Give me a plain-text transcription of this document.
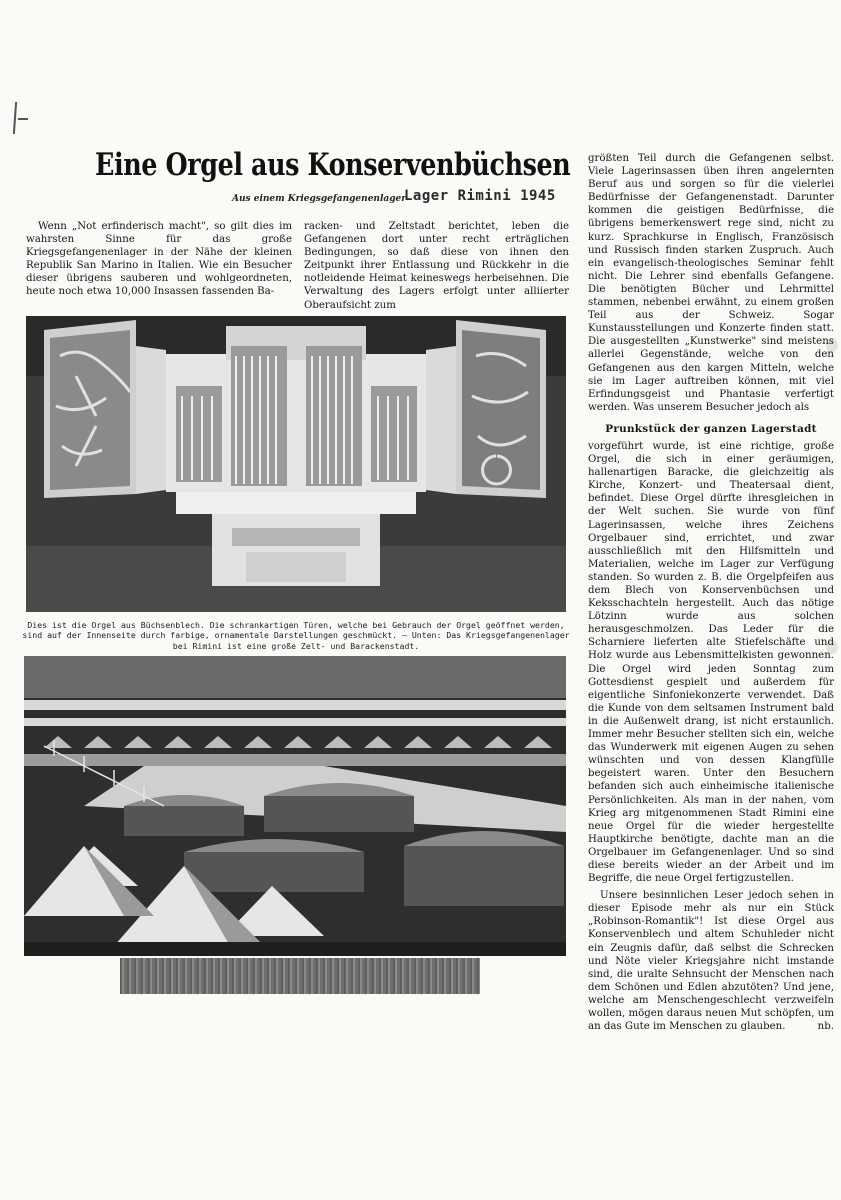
Eine Orgel aus Konservenbüchsen
Aus einem Kriegsgefangenenlager
Lager Rimini 1945

Wenn „Not erfinderisch macht", so gilt dies im wahrsten Sinne für das große Kriegsgefangenenlager in der Nähe der kleinen Republik San Marino in Italien. Wie ein Besucher dieser übrigens sauberen und wohlgeordneten, heute noch etwa 10,000 Insassen fassenden Ba-

racken- und Zeltstadt berichtet, leben die Gefangenen dort unter recht erträglichen Bedingungen, so daß diese von ihnen den Zeitpunkt ihrer Entlassung und Rückkehr in die notleidende Heimat keineswegs herbeisehnen. Die Verwaltung des Lagers erfolgt unter alliierter Oberaufsicht zum

Dies ist die Orgel aus Büchsenblech. Die schrankartigen Türen, welche bei Gebrauch der Orgel geöffnet werden, sind auf der Innenseite durch farbige, ornamentale Darstellungen geschmückt. — Unten: Das Kriegsgefangenenlager bei Rimini ist eine große Zelt- und Barackenstadt.

größten Teil durch die Gefangenen selbst. Viele Lagerinsassen üben ihren angelernten Beruf aus und sorgen so für die vielerlei Bedürfnisse der Gefangenenstadt. Darunter kommen die geistigen Bedürfnisse, die übrigens bemerkenswert rege sind, nicht zu kurz. Sprachkurse in Englisch, Französisch und Russisch finden starken Zuspruch. Auch ein evangelisch-theologisches Seminar fehlt nicht. Die Lehrer sind ebenfalls Gefangene. Die benötigten Bücher und Lehrmittel stammen, nebenbei erwähnt, zu einem großen Teil aus der Schweiz. Sogar Kunstausstellungen und Konzerte finden statt. Die ausgestellten „Kunstwerke" sind meistens allerlei Gegenstände, welche von den Gefangenen aus den kargen Mitteln, welche sie im Lager auftreiben können, mit viel Erfindungsgeist und Phantasie verfertigt werden. Was unserem Besucher jedoch als

Prunkstück der ganzen Lagerstadt

vorgeführt wurde, ist eine richtige, große Orgel, die sich in einer geräumigen, hallenartigen Baracke, die gleichzeitig als Kirche, Konzert- und Theatersaal dient, befindet. Diese Orgel dürfte ihresgleichen in der Welt suchen. Sie wurde von fünf Lagerinsassen, welche ihres Zeichens Orgelbauer sind, errichtet, und zwar ausschließlich mit den Hilfsmitteln und Materialien, welche im Lager zur Verfügung standen. So wurden z. B. die Orgelpfeifen aus dem Blech von Konservenbüchsen und Keksschachteln hergestellt. Auch das nötige Lötzinn wurde aus solchen herausgeschmolzen. Das Leder für die Scharniere lieferten alte Stiefelschäfte und Holz wurde aus Lebensmittelkisten gewonnen. Die Orgel wird jeden Sonntag zum Gottesdienst gespielt und außerdem für eigentliche Sinfoniekonzerte verwendet. Daß die Kunde von dem seltsamen Instrument bald in die Außenwelt drang, ist nicht erstaunlich. Immer mehr Besucher stellten sich ein, welche das Wunderwerk mit eigenen Augen zu sehen wünschten und von dessen Klangfülle begeistert waren. Unter den Besuchern befanden sich auch einheimische italienische Persönlichkeiten. Als man in der nahen, vom Krieg arg mitgenommenen Stadt Rimini eine neue Orgel für die wieder hergestellte Hauptkirche benötigte, dachte man an die Orgelbauer im Gefangenenlager. Und so sind diese bereits wieder an der Arbeit und im Begriffe, die neue Orgel fertigzustellen.

Unsere besinnlichen Leser jedoch sehen in dieser Episode mehr als nur ein Stück „Robinson-Romantik"! Ist diese Orgel aus Konservenblech und altem Schuhleder nicht ein Zeugnis dafür, daß selbst die Schrecken und Nöte vieler Kriegsjahre nicht imstande sind, die uralte Sehnsucht der Menschen nach dem Schönen und Edlen abzutöten? Und jene, welche am Menschengeschlecht verzweifeln wollen, mögen daraus neuen Mut schöpfen, um an das Gute im Menschen zu glauben.	nb.
